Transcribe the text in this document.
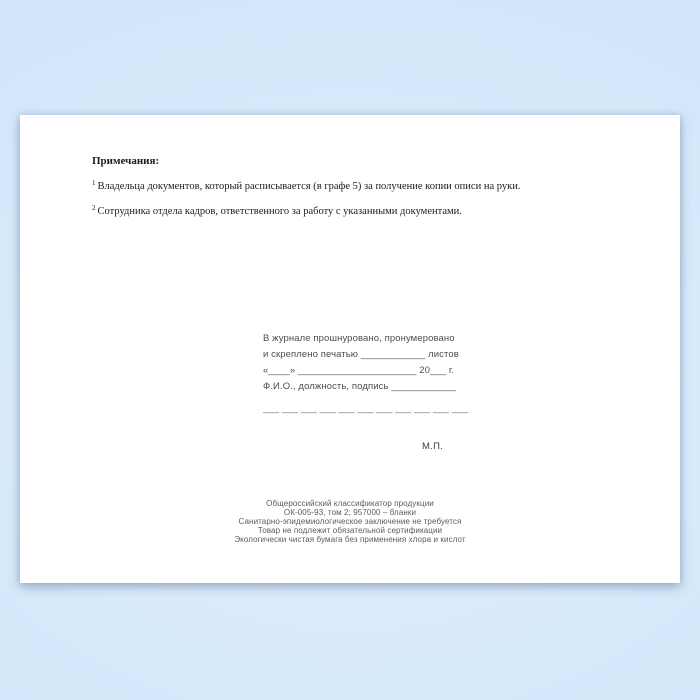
Примечания:

$^1$ Владельца документов, который расписывается (в графе 5) за получение копии описи на руки.

$^2$ Сотрудника отдела кадров, ответственного за работу с указанными документами.

В журнале прошнуровано, пронумеровано
и скреплено печатью ____________ листов
«____» ______________________ 20___ г.
Ф.И.О., должность, подпись ____________
___ ___ ___ ___ ___ ___ ___ ___ ___ ___ ___
М.П.
Общероссийский классификатор продукции
ОК-005-93, том 2; 957000 – бланки
Санитарно-эпидемиологическое заключение не требуется
Товар не подлежит обязательной сертификации
Экологически чистая бумага без применения хлора и кислот
